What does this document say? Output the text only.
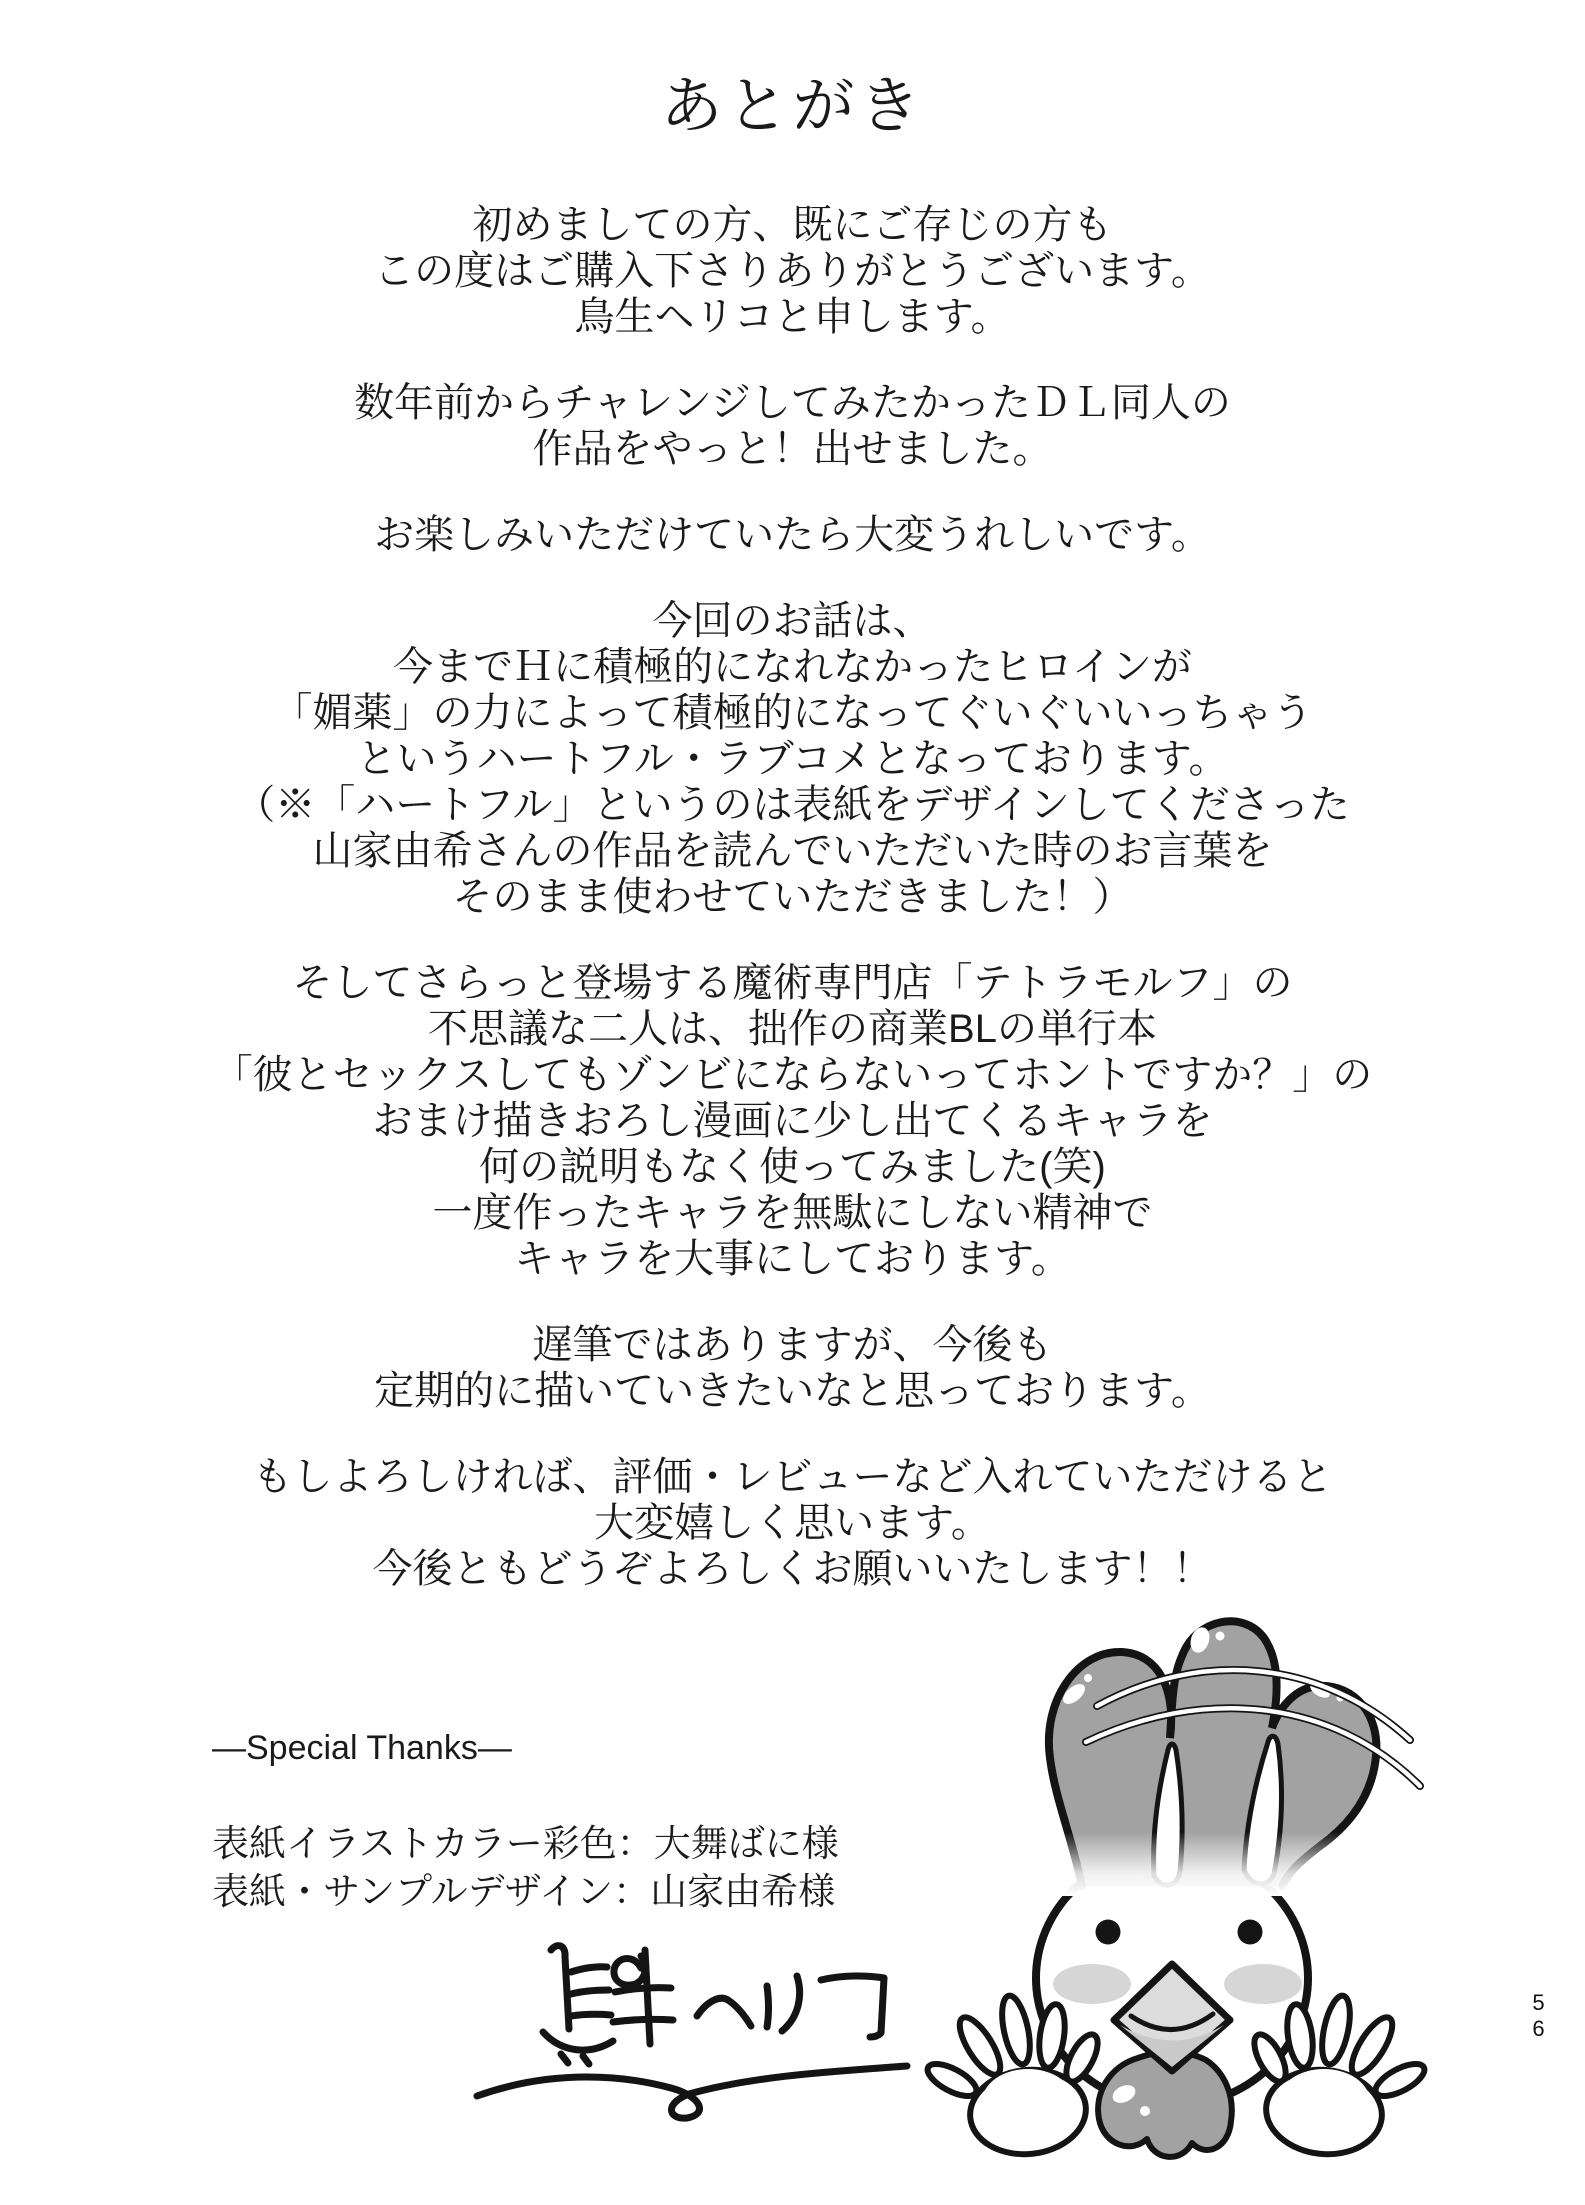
あとがき
初めましての方、既にご存じの方も
この度はご購入下さりありがとうございます。
鳥生ヘリコと申します。
数年前からチャレンジしてみたかったＤＬ同人の
作品をやっと！出せました。
お楽しみいただけていたら大変うれしいです。
今回のお話は、
今までＨに積極的になれなかったヒロインが
「媚薬」の力によって積極的になってぐいぐいいっちゃう
というハートフル・ラブコメとなっております。
（※「ハートフル」というのは表紙をデザインしてくださった
山家由希さんの作品を読んでいただいた時のお言葉を
そのまま使わせていただきました！）
そしてさらっと登場する魔術専門店「テトラモルフ」の
不思議な二人は、拙作の商業BLの単行本
「彼とセックスしてもゾンビにならないってホントですか？」の
おまけ描きおろし漫画に少し出てくるキャラを
何の説明もなく使ってみました(笑)
一度作ったキャラを無駄にしない精神で
キャラを大事にしております。
遅筆ではありますが、今後も
定期的に描いていきたいなと思っております。
もしよろしければ、評価・レビューなど入れていただけると
大変嬉しく思います。
今後ともどうぞよろしくお願いいたします！！
―Special Thanks―
表紙イラストカラー彩色：大舞ばに様
表紙・サンプルデザイン：山家由希様
56
